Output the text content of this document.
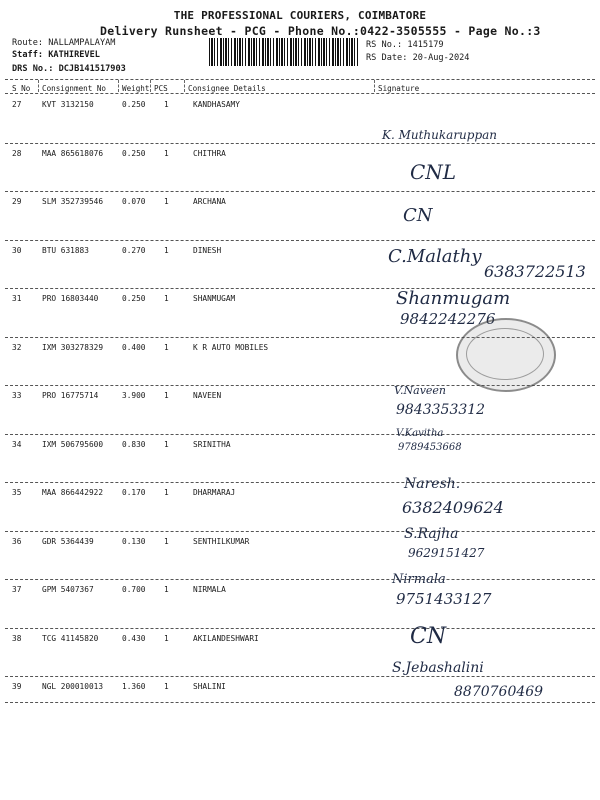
THE PROFESSIONAL COURIERS, COIMBATORE
Delivery Runsheet - PCG - Phone No.:0422-3505555 - Page No.:3
Route: NALLAMPALAYAM
Staff: KATHIREVEL
DRS No.: DCJB141517903
RS No.: 1415179
RS Date: 20-Aug-2024
S No Consignment No Weight PCS	Consignee Details	Signature
27	KVT 3132150	0.250 1	KANDHASAMY
K. Muthukaruppan
28	MAA 865618076 0.250 1	CHITHRA
CNL
29	SLM 352739546 0.070 1	ARCHANA
CN
30	BTU 631883	0.270 1	DINESH	C.Malathy
6383722513
31	PRO 16803440	0.250 1	SHANMUGAM	Shanmugam
9842242276
32	IXM 303278329 0.400 1	K R AUTO MOBILES
33	PRO 16775714	3.900 1	NAVEEN	V.Naveen
9843353312
34	IXM 506795600 0.830 1	SRINITHA
V.Kavitha
9789453668
35	MAA 866442922 0.170 1	DHARMARAJ
Naresh.
6382409624
36	GDR 5364439	0.130 1	SENTHILKUMAR	S.Rajha
9629151427
37	GPM 5407367	0.700 1	NIRMALA
Nirmala
9751433127
38	TCG 41145820	0.430 1	AKILANDESHWARI	CN
39	NGL 200010013 1.360 1	SHALINI
S.Jebashalini
8870760469
